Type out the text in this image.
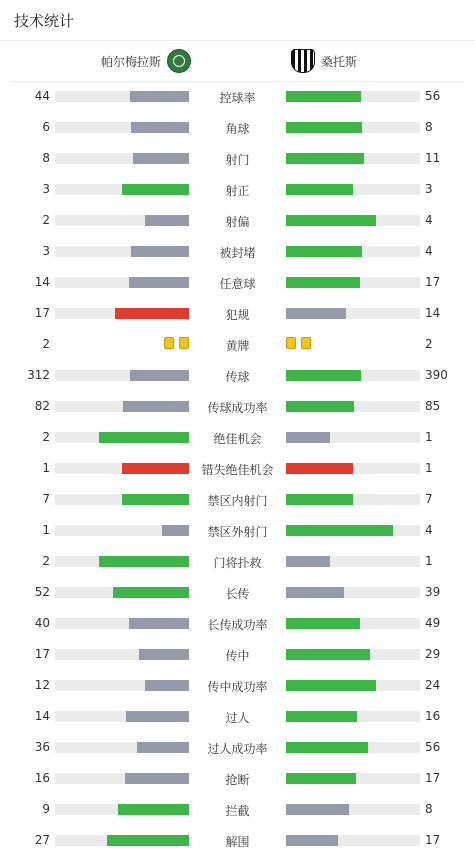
技术统计
帕尔梅拉斯	桑托斯
44	控球率	56
6	角球	8
8	射门	11
3	射正	3
2	射偏	4
3	被封堵	4
14	任意球	17
17	犯规	14
2	黄牌	2
312	传球	390
82	传球成功率	85
2	绝佳机会	1
1	错失绝佳机会	1
7	禁区内射门	7
1	禁区外射门	4
2	门将扑救	1
52	长传	39
40	长传成功率	49
17	传中	29
12	传中成功率	24
14	过人	16
36	过人成功率	56
16	抢断	17
9	拦截	8
27	解围	17
